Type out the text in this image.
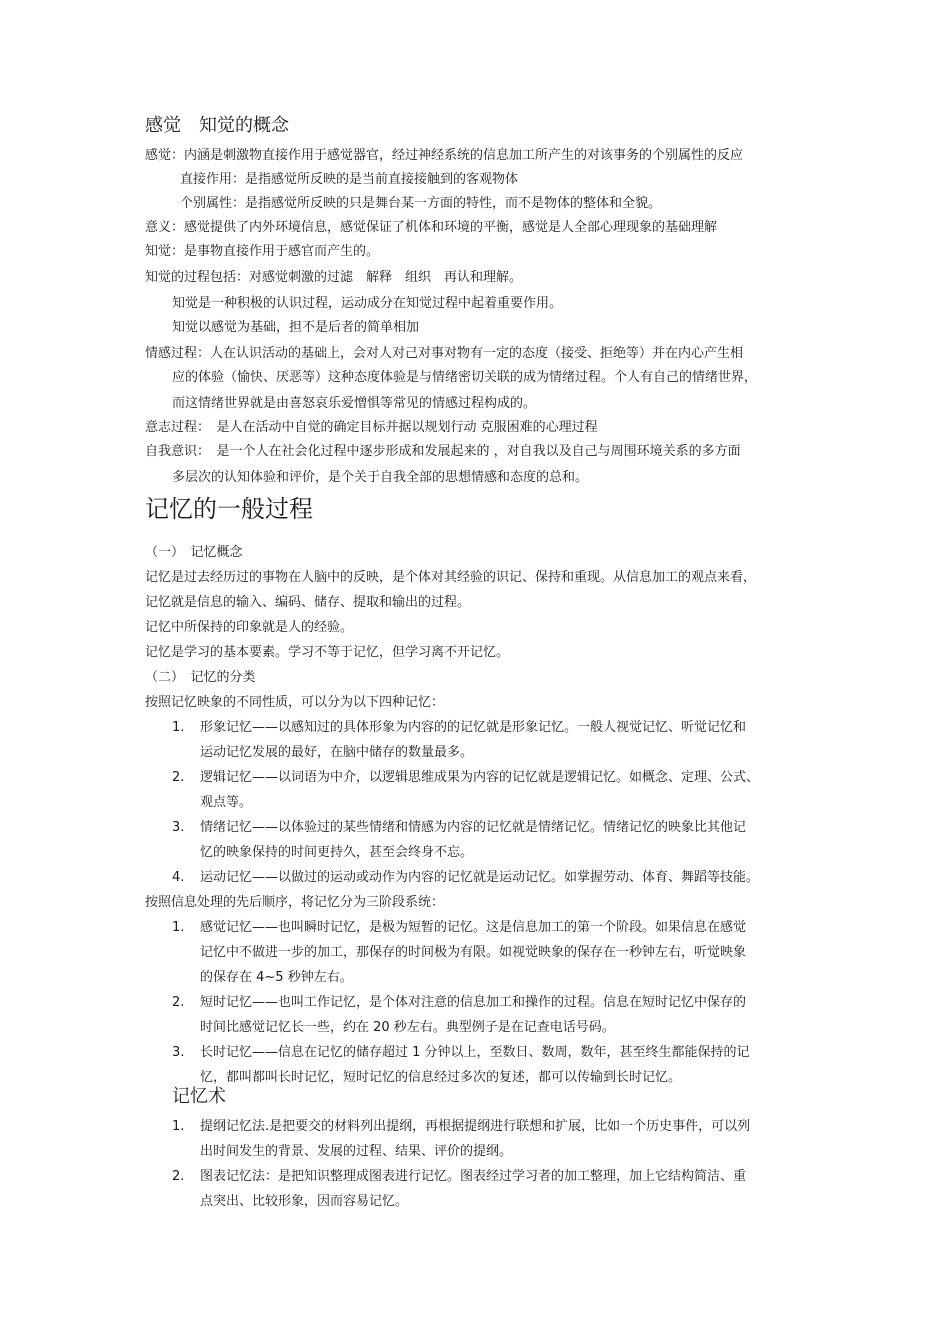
感觉　知觉的概念
感觉：内涵是刺激物直接作用于感觉器官，经过神经系统的信息加工所产生的对该事务的个别属性的反应
直接作用：是指感觉所反映的是当前直接接触到的客观物体
个别属性：是指感觉所反映的只是舞台某一方面的特性，而不是物体的整体和全貌。
意义：感觉提供了内外环境信息，感觉保证了机体和环境的平衡，感觉是人全部心理现象的基础理解
知觉：是事物直接作用于感官而产生的。
知觉的过程包括：对感觉刺激的过滤　解释　组织　再认和理解。
知觉是一种积极的认识过程，运动成分在知觉过程中起着重要作用。
知觉以感觉为基础，担不是后者的简单相加
情感过程：人在认识活动的基础上，会对人对己对事对物有一定的态度（接受、拒绝等）并在内心产生相
应的体验（愉快、厌恶等）这种态度体验是与情绪密切关联的成为情绪过程。个人有自己的情绪世界，
而这情绪世界就是由喜怒哀乐爱憎惧等常见的情感过程构成的。
意志过程：　是人在活动中自觉的确定目标并据以规划行动 克服困难的心理过程
自我意识：　是一个人在社会化过程中逐步形成和发展起来的 ，对自我以及自己与周围环境关系的多方面
多层次的认知体验和评价，是个关于自我全部的思想情感和态度的总和。
记忆的一般过程
（一）　记忆概念
记忆是过去经历过的事物在人脑中的反映，是个体对其经验的识记、保持和重现。从信息加工的观点来看，
记忆就是信息的输入、编码、储存、提取和输出的过程。
记忆中所保持的印象就是人的经验。
记忆是学习的基本要素。学习不等于记忆，但学习离不开记忆。
（二）　记忆的分类
按照记忆映象的不同性质，可以分为以下四种记忆：
1. 形象记忆——以感知过的具体形象为内容的的记忆就是形象记忆。一般人视觉记忆、听觉记忆和
运动记忆发展的最好，在脑中储存的数量最多。
2. 逻辑记忆——以词语为中介，以逻辑思维成果为内容的记忆就是逻辑记忆。如概念、定理、公式、
观点等。
3. 情绪记忆——以体验过的某些情绪和情感为内容的记忆就是情绪记忆。情绪记忆的映象比其他记
忆的映象保持的时间更持久，甚至会终身不忘。
4. 运动记忆——以做过的运动或动作为内容的记忆就是运动记忆。如掌握劳动、体育、舞蹈等技能。
按照信息处理的先后顺序，将记忆分为三阶段系统：
1. 感觉记忆——也叫瞬时记忆，是极为短暂的记忆。这是信息加工的第一个阶段。如果信息在感觉
记忆中不做进一步的加工，那保存的时间极为有限。如视觉映象的保存在一秒钟左右，听觉映象
的保存在 4~5 秒钟左右。
2. 短时记忆——也叫工作记忆，是个体对注意的信息加工和操作的过程。信息在短时记忆中保存的
时间比感觉记忆长一些，约在 20 秒左右。典型例子是在记查电话号码。
3. 长时记忆——信息在记忆的储存超过 1 分钟以上，至数日、数周，数年，甚至终生都能保持的记
忆，都叫都叫长时记忆，短时记忆的信息经过多次的复述，都可以传输到长时记忆。
记忆术
1. 提纲记忆法.是把要交的材料列出提纲，再根据提纲进行联想和扩展，比如一个历史事件，可以列
出时间发生的背景、发展的过程、结果、评价的提纲。
2. 图表记忆法：是把知识整理成图表进行记忆。图表经过学习者的加工整理，加上它结构简洁、重
点突出、比较形象，因而容易记忆。
